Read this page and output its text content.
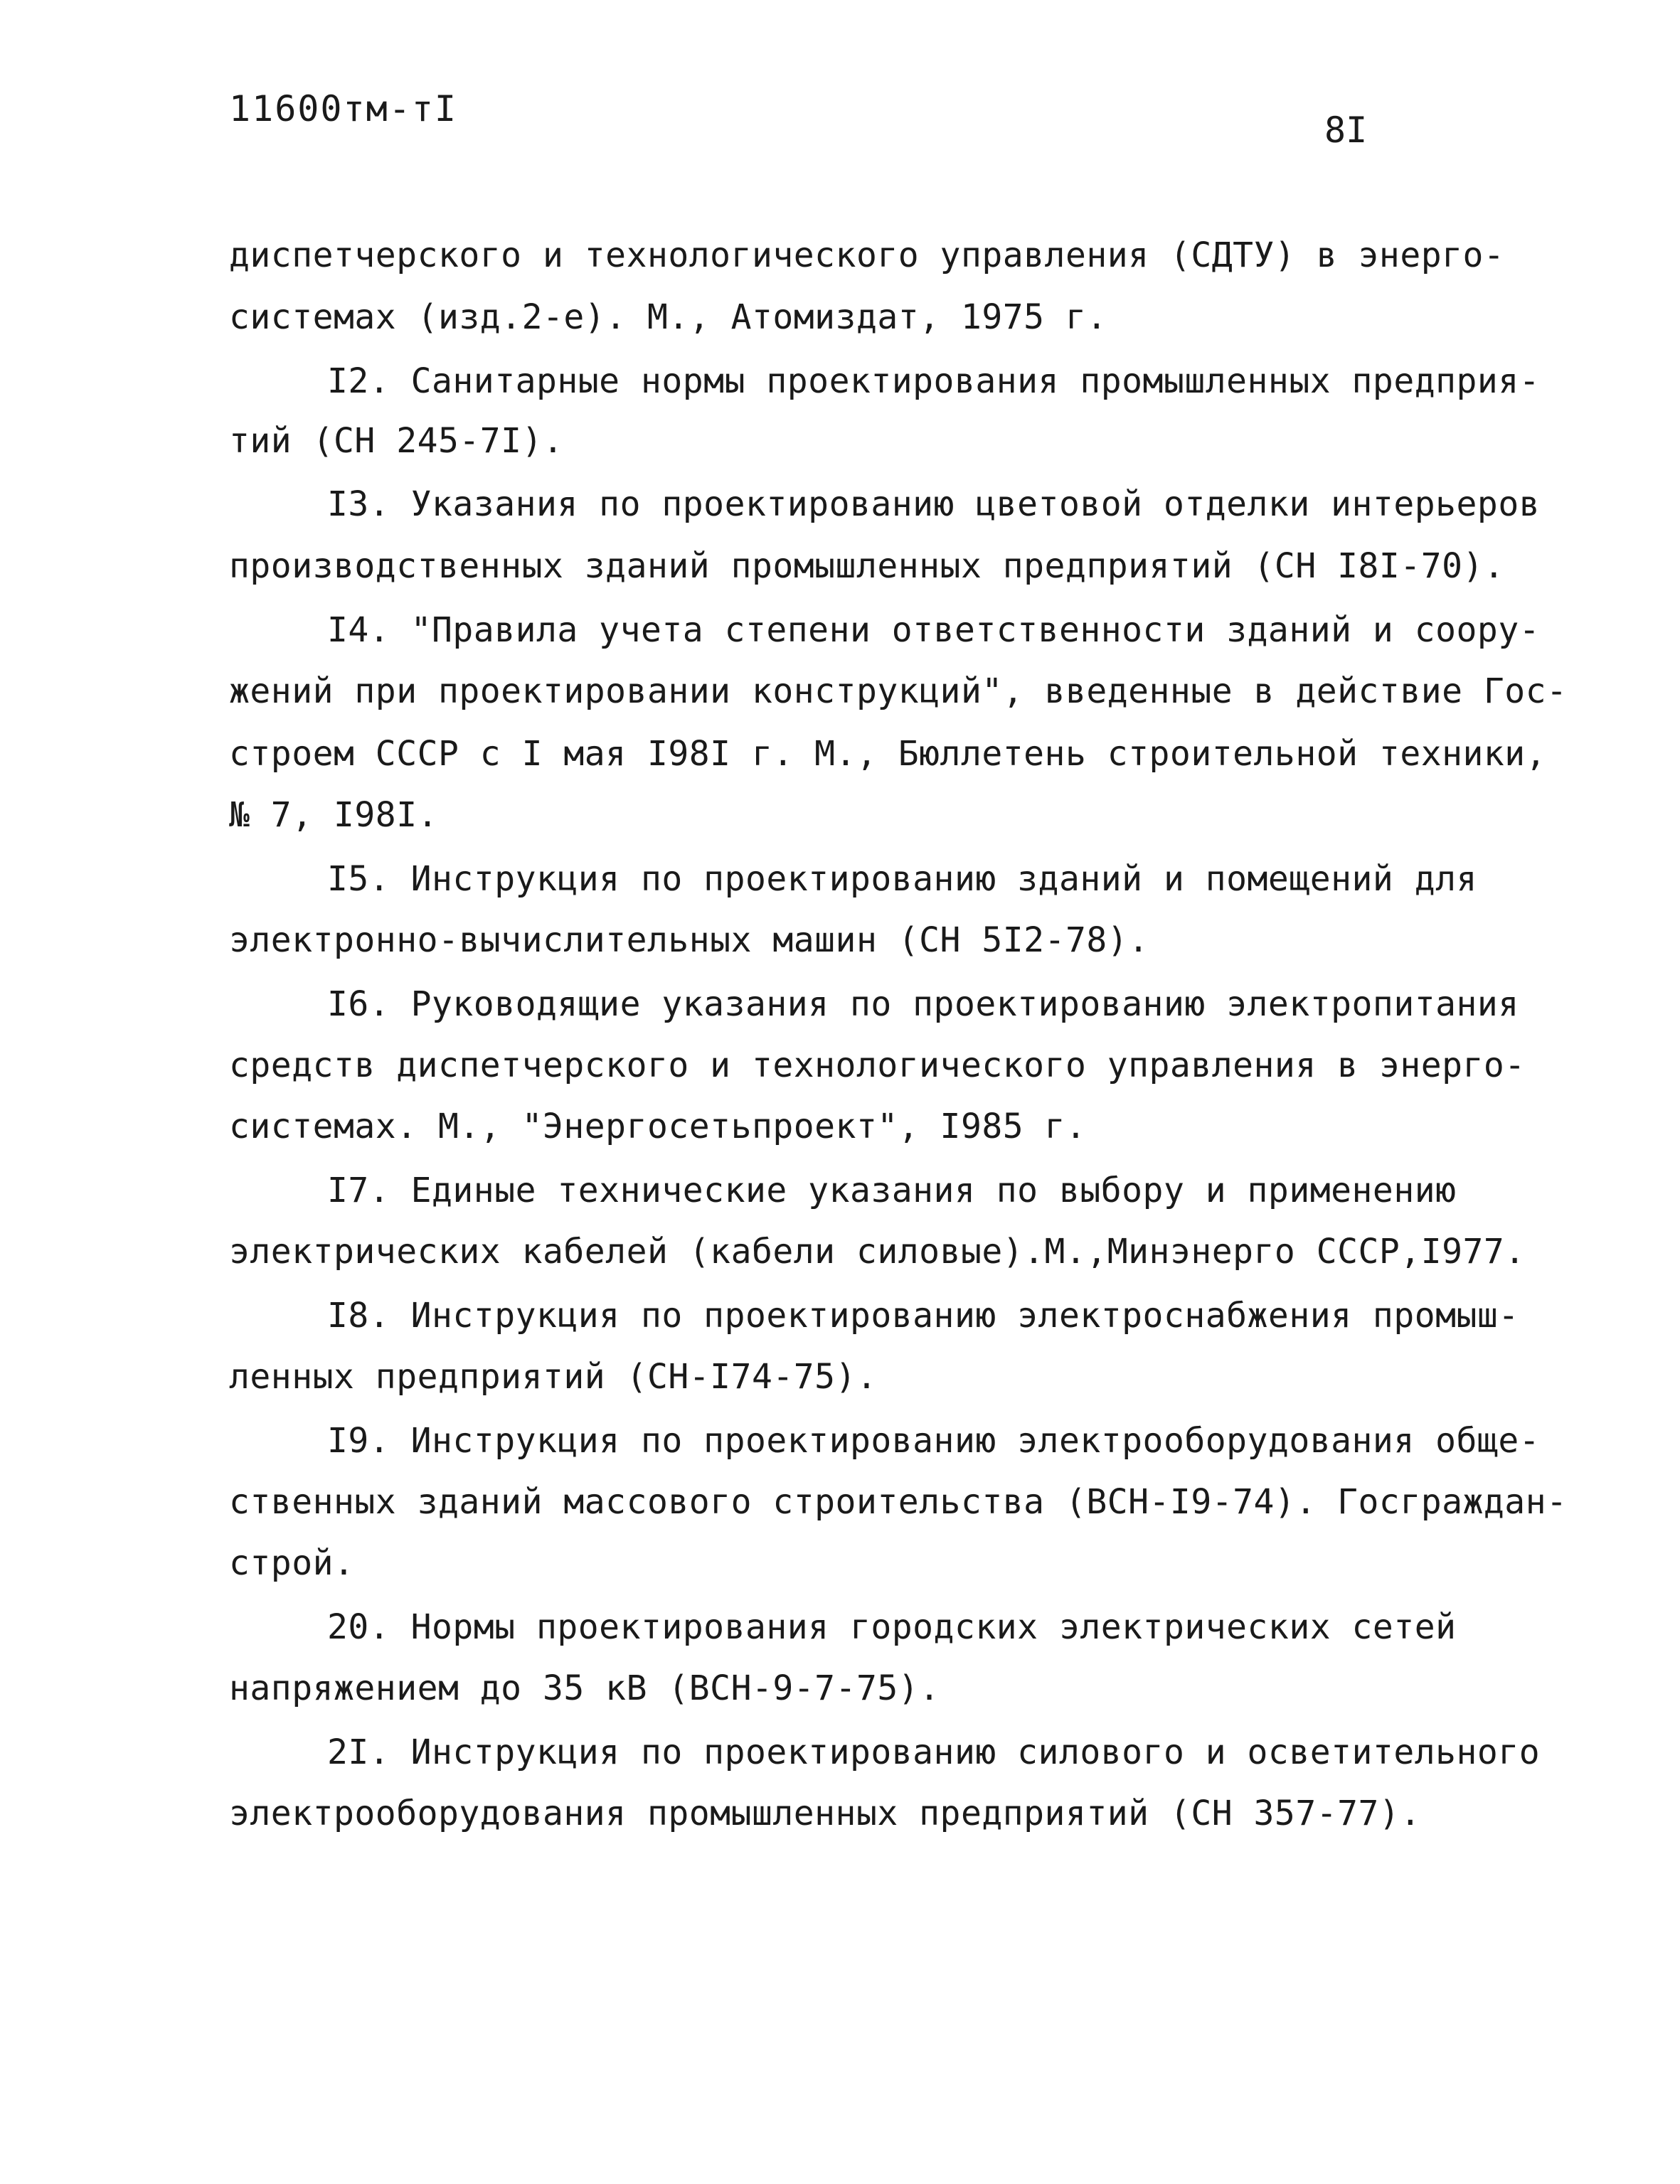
11600тм-тI
8I
диспетчерского и технологического управления (СДТУ) в энерго-
системах (изд.2-е). М., Атомиздат, 1975 г.
I2. Санитарные нормы проектирования промышленных предприя-
тий (СН 245-7I).
I3. Указания по проектированию цветовой отделки интерьеров
производственных зданий промышленных предприятий (СН I8I-70).
I4. "Правила учета степени ответственности зданий и соору-
жений при проектировании конструкций", введенные в действие Гос-
строем СССР с I мая I98I г. М., Бюллетень строительной техники,
№ 7, I98I.
I5. Инструкция по проектированию зданий и помещений для
электронно-вычислительных машин (СН 5I2-78).
I6. Руководящие указания по проектированию электропитания
средств диспетчерского и технологического управления в энерго-
системах. М., "Энергосетьпроект", I985 г.
I7. Единые технические указания по выбору и применению
электрических кабелей (кабели силовые).М.,Минэнерго СССР,I977.
I8. Инструкция по проектированию электроснабжения промыш-
ленных предприятий (СН-I74-75).
I9. Инструкция по проектированию электрооборудования обще-
ственных зданий массового строительства (ВСН-I9-74). Госграждан-
строй.
20. Нормы проектирования городских электрических сетей
напряжением до 35 кВ (ВСН-9-7-75).
2I. Инструкция по проектированию силового и осветительного
электрооборудования промышленных предприятий (СН 357-77).
